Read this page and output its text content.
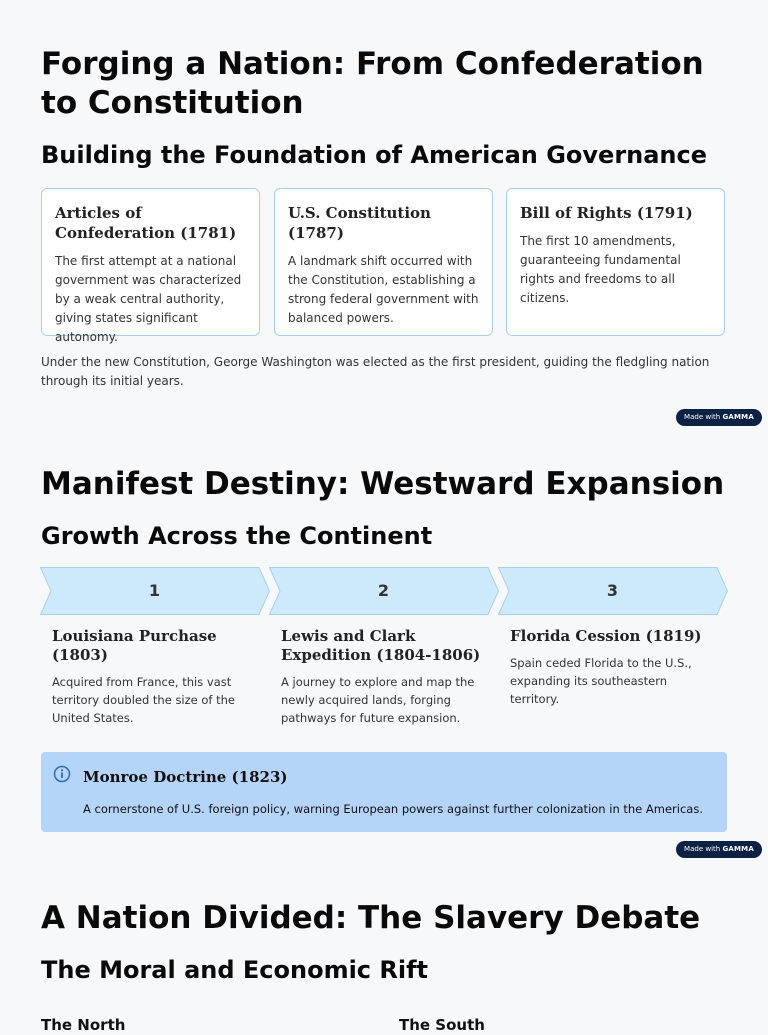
Forging a Nation: From Confederation to Constitution
Building the Foundation of American Governance
Articles of Confederation (1781)
The first attempt at a national government was characterized by a weak central authority, giving states significant autonomy.
U.S. Constitution (1787)
A landmark shift occurred with the Constitution, establishing a strong federal government with balanced powers.
Bill of Rights (1791)
The first 10 amendments, guaranteeing fundamental rights and freedoms to all citizens.
Under the new Constitution, George Washington was elected as the first president, guiding the fledgling nation through its initial years.
Made with GAMMA
Manifest Destiny: Westward Expansion
Growth Across the Continent
1	2	3
Louisiana Purchase (1803)
Acquired from France, this vast territory doubled the size of the United States.
Lewis and Clark Expedition (1804-1806)
A journey to explore and map the newly acquired lands, forging pathways for future expansion.
Florida Cession (1819)
Spain ceded Florida to the U.S., expanding its southeastern territory.
Monroe Doctrine (1823)
A cornerstone of U.S. foreign policy, warning European powers against further colonization in the Americas.
Made with GAMMA
A Nation Divided: The Slavery Debate
The Moral and Economic Rift
The North	The South
